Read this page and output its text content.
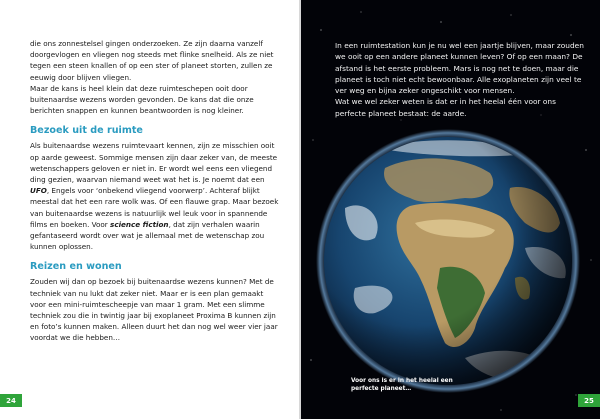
die ons zonnestelsel gingen onderzoeken. Ze zijn daarna vanzelf doorgevlogen en vliegen nog steeds met flinke snelheid. Als ze niet tegen een steen knallen of op een ster of planeet storten, zullen ze eeuwig door blijven vliegen.

Maar de kans is heel klein dat deze ruimteschepen ooit door buitenaardse wezens worden gevonden. De kans dat die onze berichten snappen en kunnen beantwoorden is nog kleiner.

Bezoek uit de ruimte

Als buitenaardse wezens ruimtevaart kennen, zijn ze misschien ooit op aarde geweest. Sommige mensen zijn daar zeker van, de meeste wetenschappers geloven er niet in. Er wordt wel eens een vliegend ding gezien, waarvan niemand weet wat het is. Je noemt dat een UFO, Engels voor ‘onbekend vliegend voorwerp’. Achteraf blijkt meestal dat het een rare wolk was. Of een flauwe grap. Maar bezoek van buitenaardse wezens is natuurlijk wel leuk voor in spannende films en boeken. Voor science fiction, dat zijn verhalen waarin gefantaseerd wordt over wat je allemaal met de wetenschap zou kunnen oplossen.

Reizen en wonen

Zouden wij dan op bezoek bij buitenaardse wezens kunnen? Met de techniek van nu lukt dat zeker niet. Maar er is een plan gemaakt voor een mini-ruimtescheepje van maar 1 gram. Met een slimme techniek zou die in twintig jaar bij exoplaneet Proxima B kunnen zijn en foto’s kunnen maken. Alleen duurt het dan nog wel weer vier jaar voordat we die hebben…

24

In een ruimtestation kun je nu wel een jaartje blijven, maar zouden we ooit op een andere planeet kunnen leven? Of op een maan? De afstand is het eerste probleem. Mars is nog net te doen, maar die planeet is toch niet echt bewoonbaar. Alle exoplaneten zijn veel te ver weg en bijna zeker ongeschikt voor mensen.

Wat we wel zeker weten is dat er in het heelal één voor ons perfecte planeet bestaat: de aarde.

Voor ons is er in het heelal een perfecte planeet…
25
